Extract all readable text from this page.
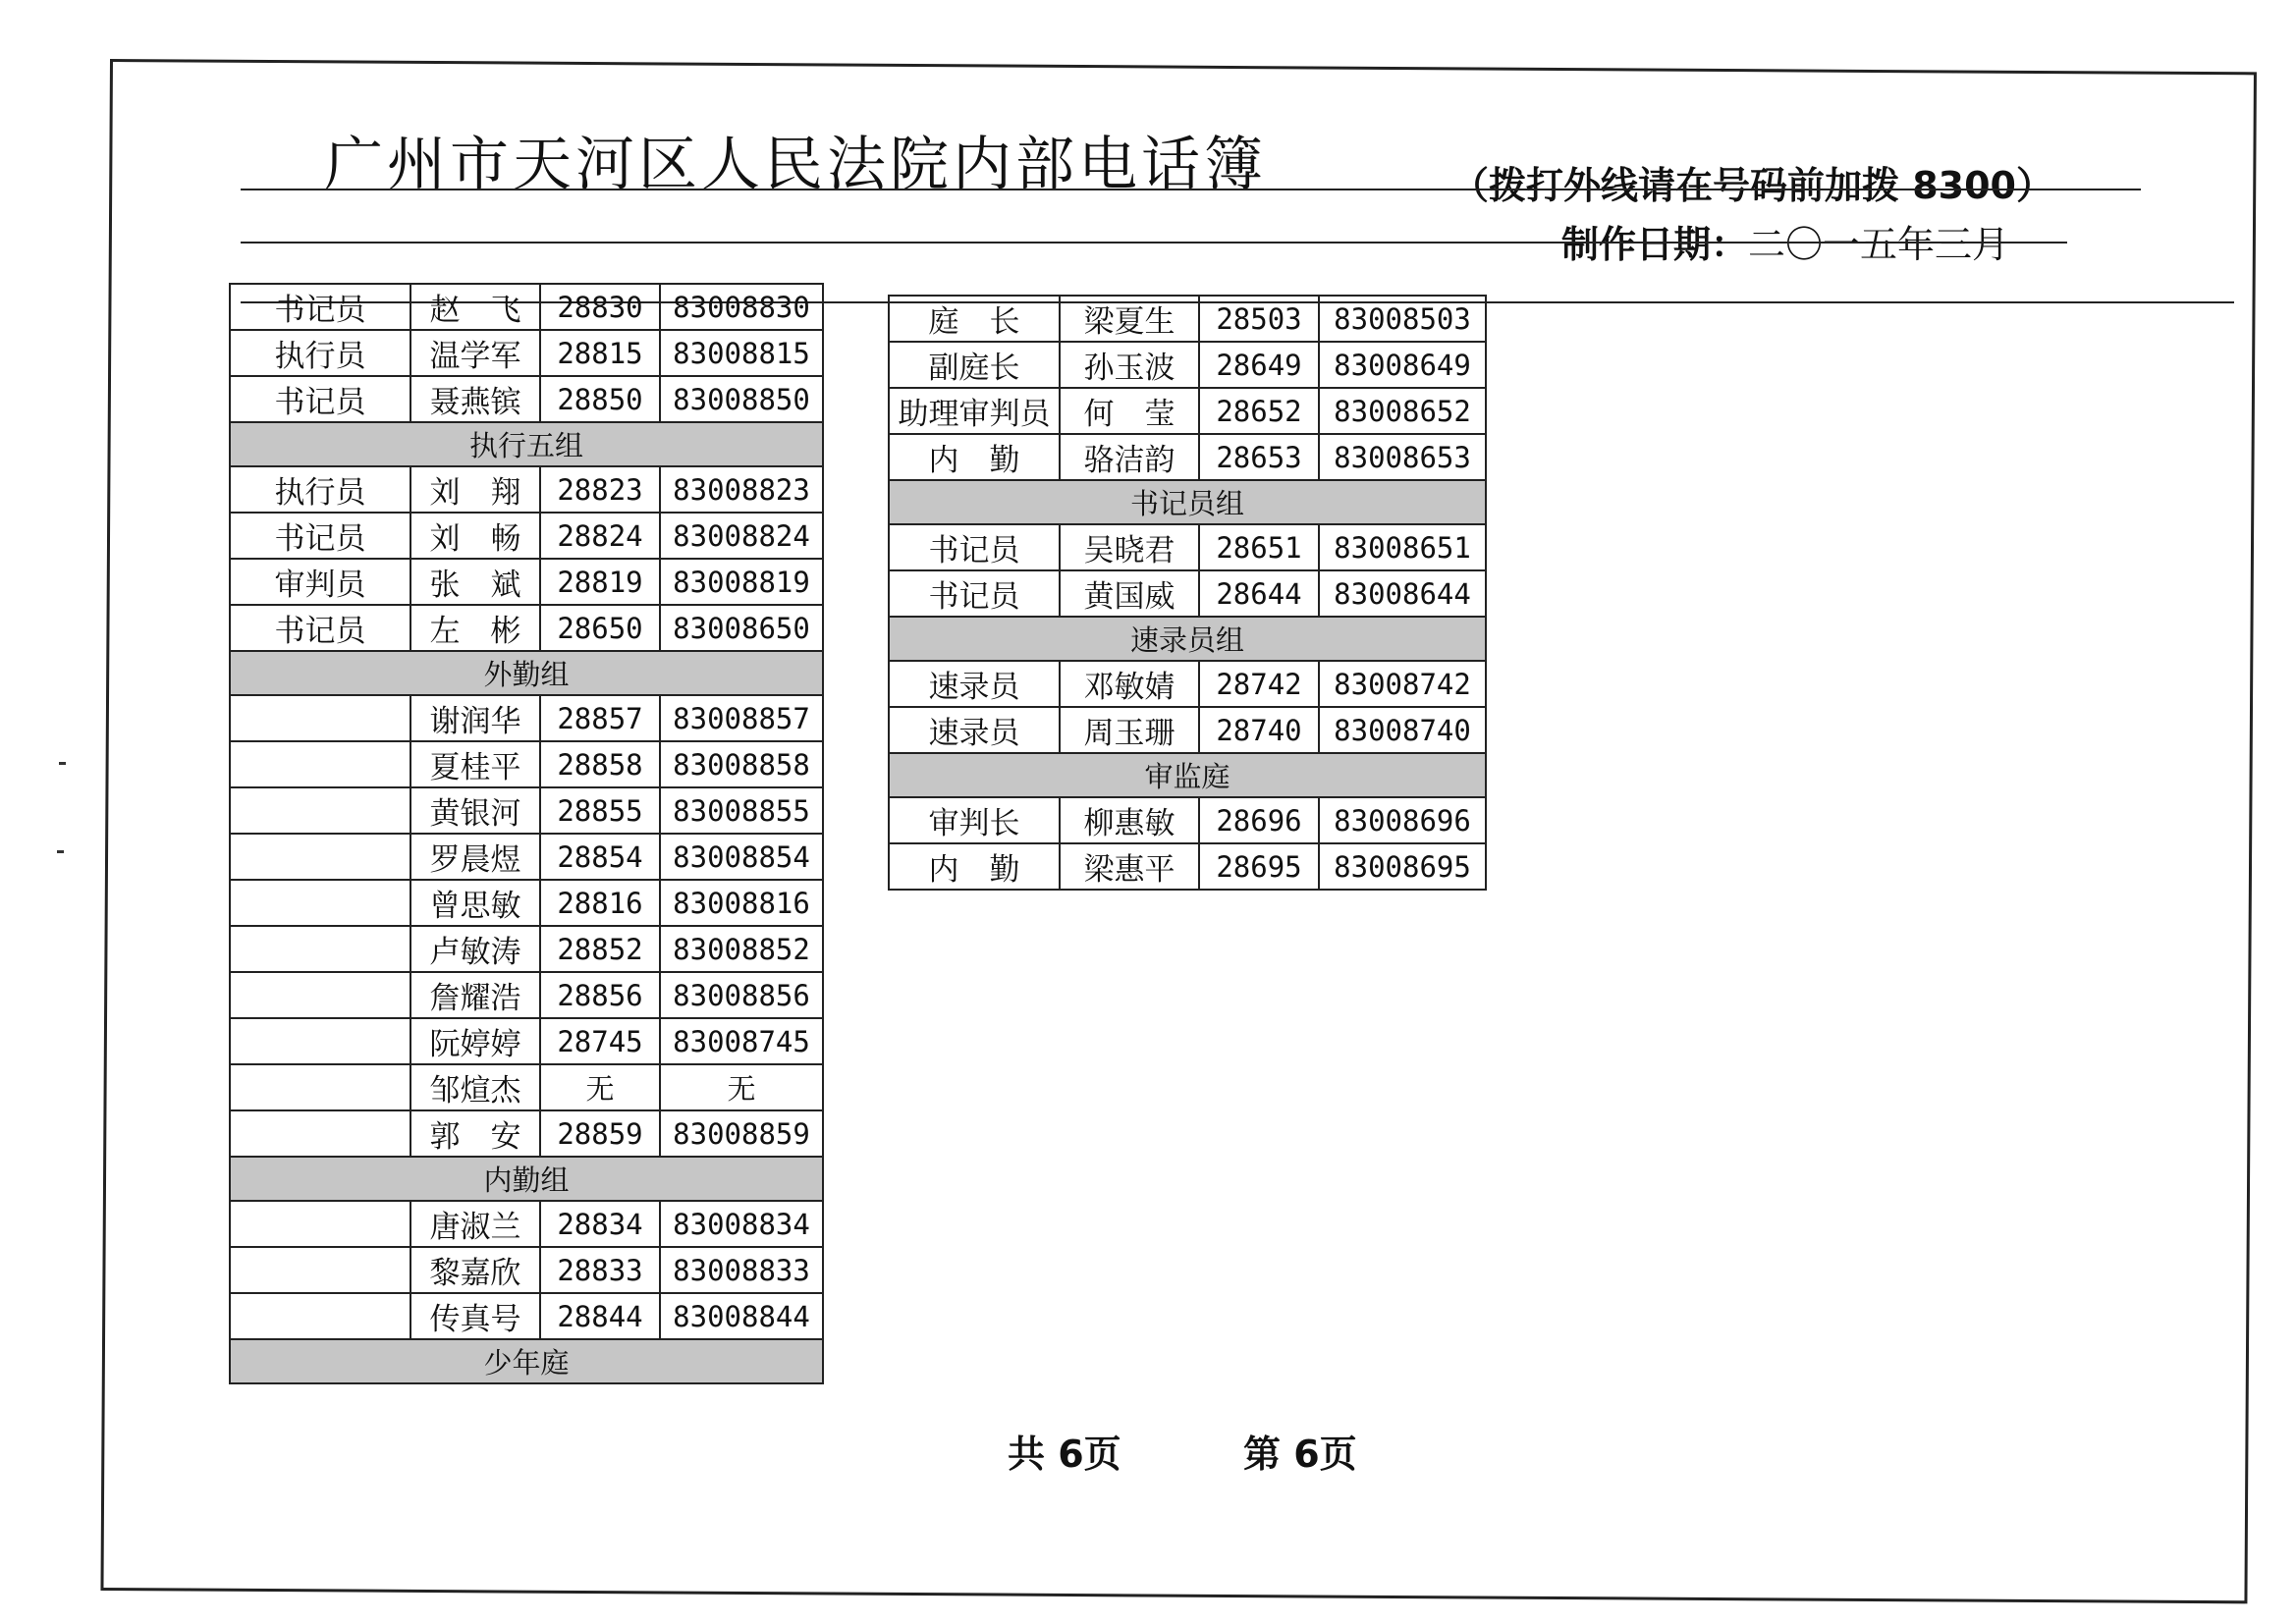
广州市天河区人民法院内部电话簿	（拨打外线请在号码前加拨 8300）
制作日期：二〇一五年三月
书记员	赵　飞	28830	83008830
执行员	温学军	28815	83008815
书记员	聂燕镔	28850	83008850
执行五组			
执行员	刘　翔	28823	83008823
书记员	刘　畅	28824	83008824
审判员	张　斌	28819	83008819
书记员	左　彬	28650	83008650
外勤组			
	谢润华	28857	83008857
	夏桂平	28858	83008858
	黄银河	28855	83008855
	罗晨煜	28854	83008854
	曾思敏	28816	83008816
	卢敏涛	28852	83008852
	詹耀浩	28856	83008856
	阮婷婷	28745	83008745
	邹煊杰	无	无
	郭　安	28859	83008859
内勤组			
	唐淑兰	28834	83008834
	黎嘉欣	28833	83008833
	传真号	28844	83008844
少年庭			
庭　长	梁夏生	28503	83008503
副庭长	孙玉波	28649	83008649
助理审判员	何　莹	28652	83008652
内　勤	骆洁韵	28653	83008653
书记员组			
书记员	吴晓君	28651	83008651
书记员	黄国威	28644	83008644
速录员组			
速录员	邓敏婧	28742	83008742
速录员	周玉珊	28740	83008740
审监庭			
审判长	柳惠敏	28696	83008696
内　勤	梁惠平	28695	83008695
共 6页	第 6页
